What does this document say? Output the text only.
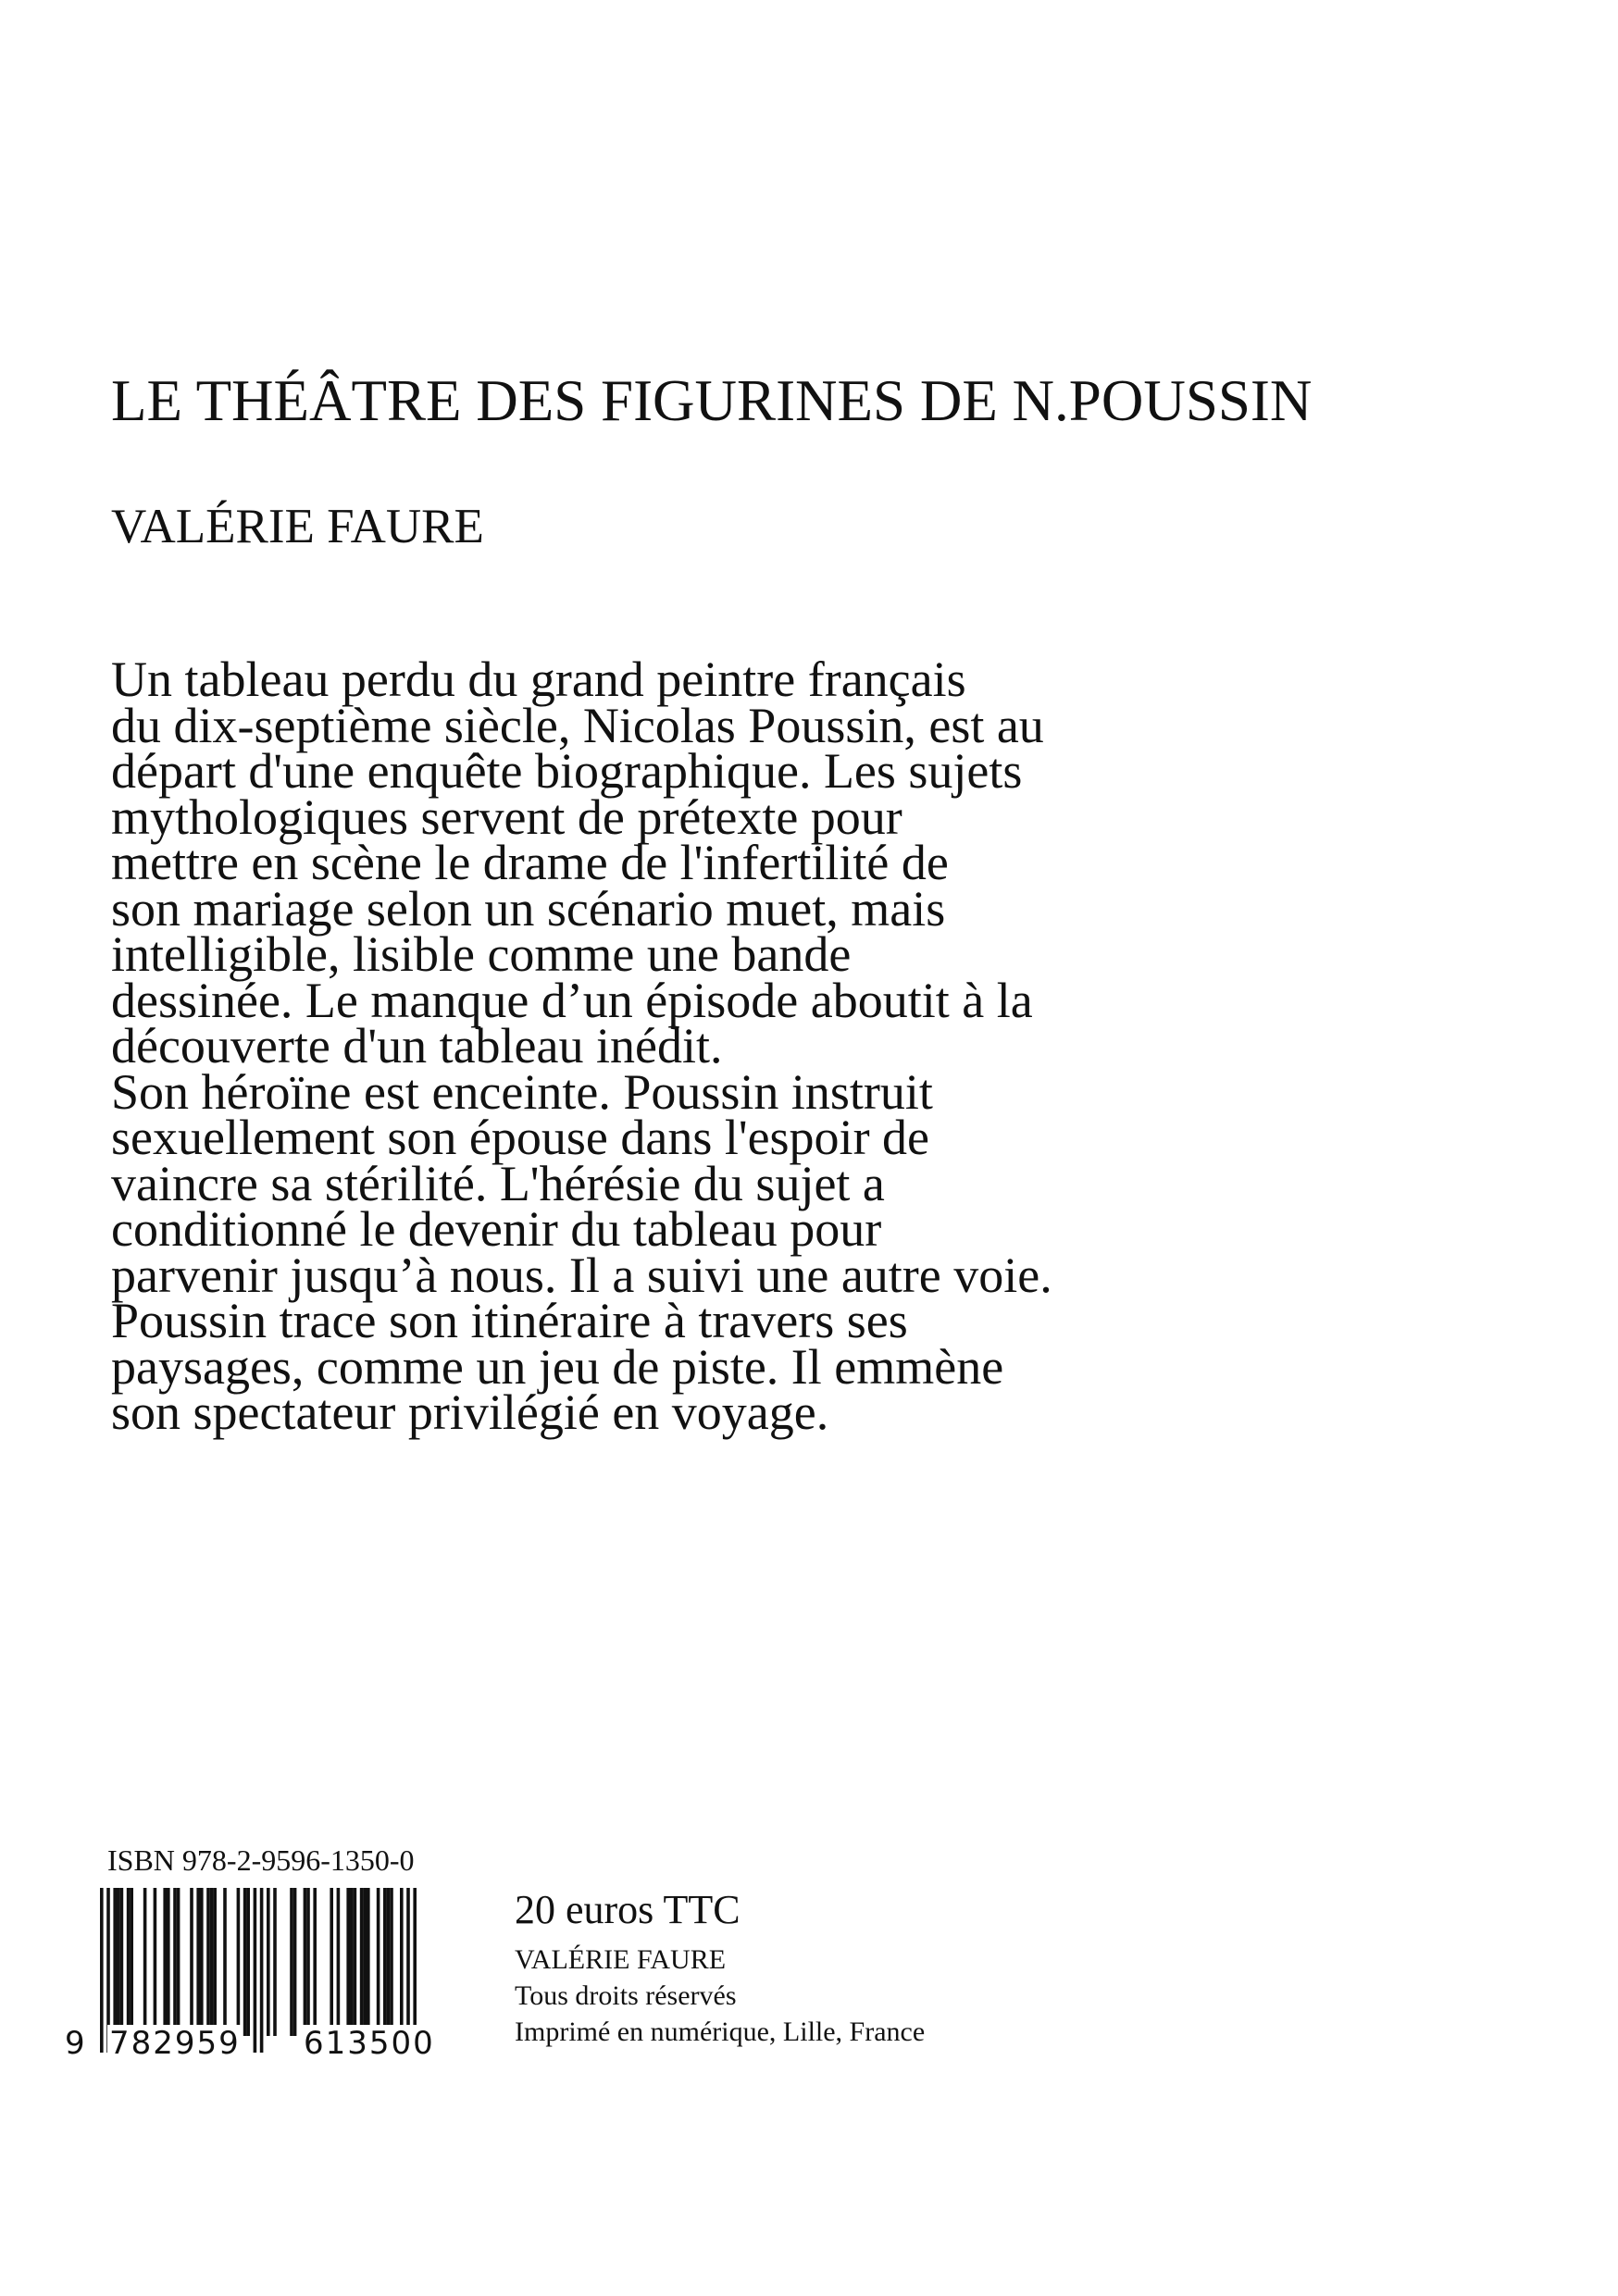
LE THÉÂTRE DES FIGURINES DE N.POUSSIN
VALÉRIE FAURE
Un tableau perdu du grand peintre français
du dix-septième siècle, Nicolas Poussin, est au
départ d'une enquête biographique. Les sujets
mythologiques servent de prétexte pour
mettre en scène le drame de l'infertilité de
son mariage selon un scénario muet, mais
intelligible, lisible comme une bande
dessinée. Le manque d’un épisode aboutit à la
découverte d'un tableau inédit.
Son héroïne est enceinte. Poussin instruit
sexuellement son épouse dans l'espoir de
vaincre sa stérilité. L'hérésie du sujet a
conditionné le devenir du tableau pour
parvenir jusqu’à nous. Il a suivi une autre voie.
Poussin trace son itinéraire à travers ses
paysages, comme un jeu de piste. Il emmène
son spectateur privilégié en voyage.
ISBN 978-2-9596-1350-0
9 782959 613500
20 euros TTC
VALÉRIE FAURE
Tous droits réservés
Imprimé en numérique, Lille, France
